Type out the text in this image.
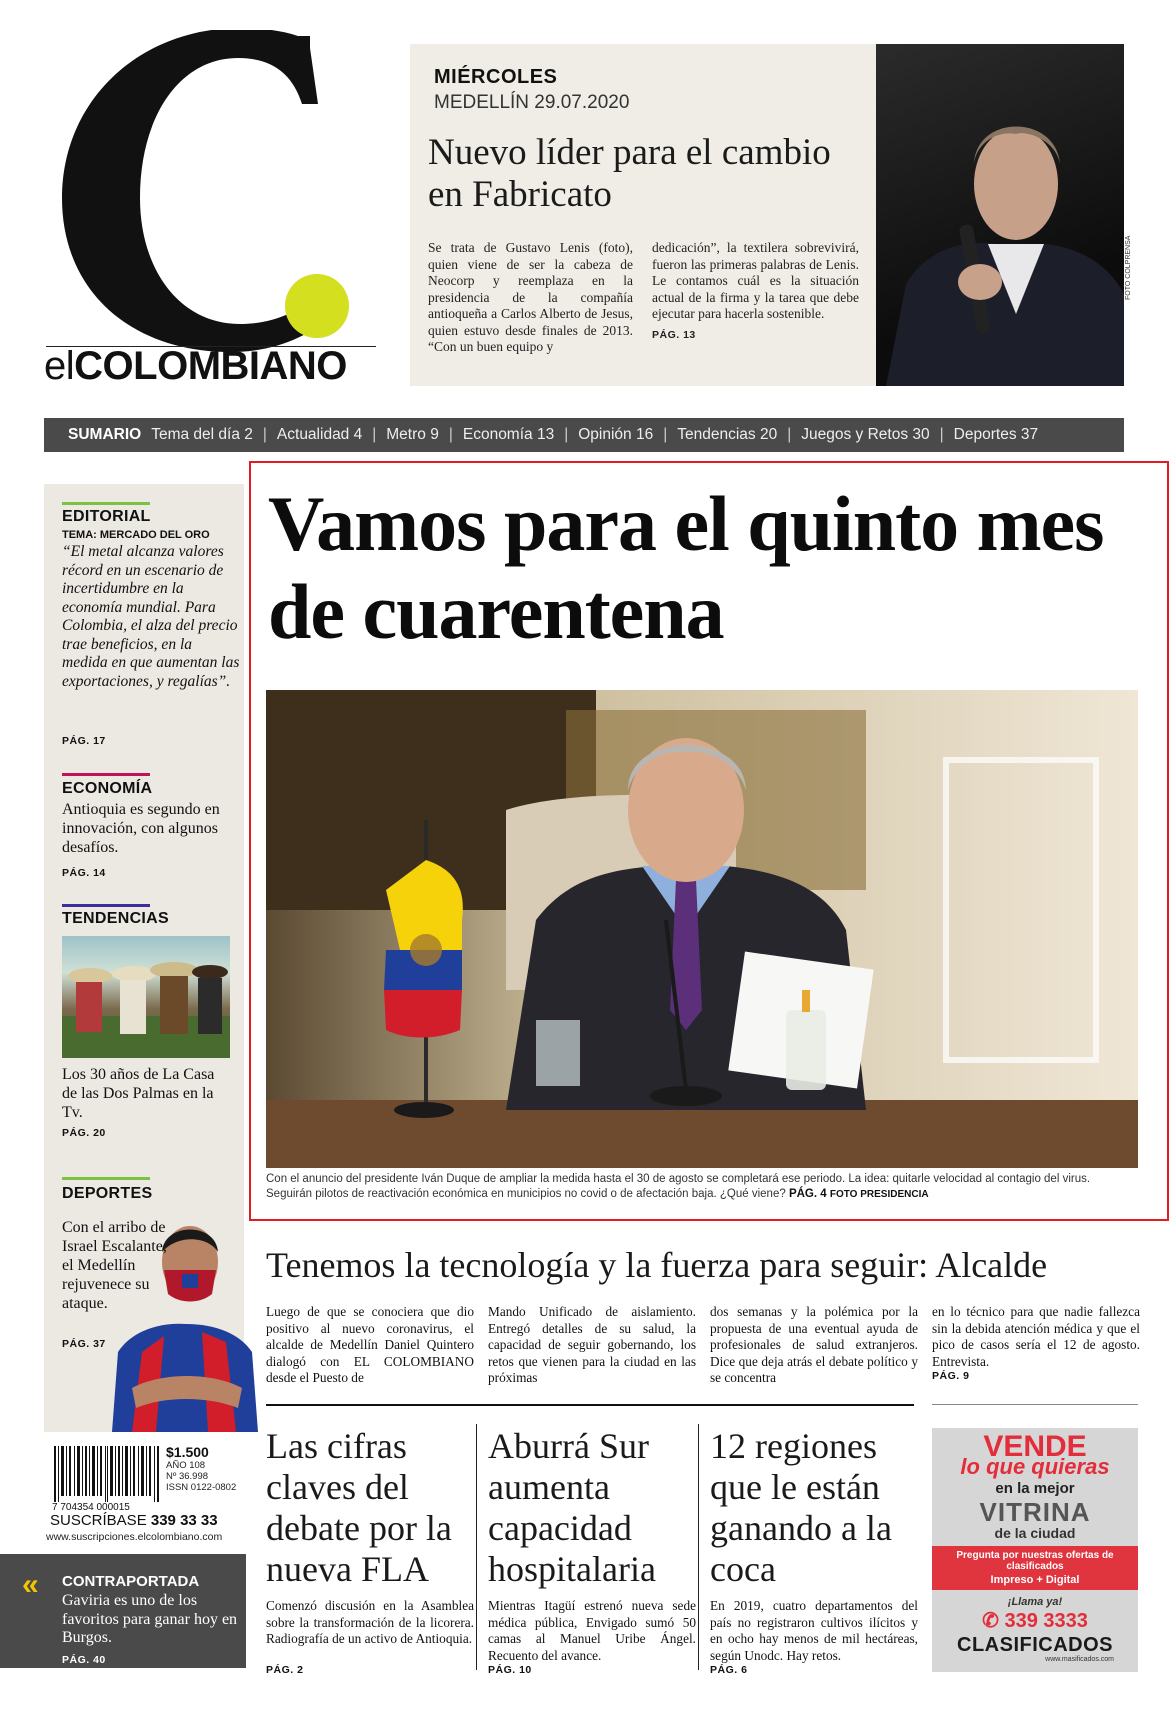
elCOLOMBIANO
MIÉRCOLES
MEDELLÍN 29.07.2020
Nuevo líder para el cambio en Fabricato
Se trata de Gustavo Lenis (foto), quien viene de ser la cabeza de Neocorp y reemplaza en la presidencia de la compañía antioqueña a Carlos Alberto de Jesus, quien estuvo desde finales de 2013. “Con un buen equipo y
dedicación”, la textilera sobrevivirá, fueron las primeras palabras de Lenis. Le contamos cuál es la situación actual de la firma y la tarea que debe ejecutar para hacerla sostenible.
PÁG. 13
FOTO COLPRENSA
SUMARIO Tema del día 2 | Actualidad 4 | Metro 9 | Economía 13 | Opinión 16 | Tendencias 20 | Juegos y Retos 30 | Deportes 37
EDITORIAL
TEMA: MERCADO DEL ORO
“El metal alcanza valores récord en un escenario de incertidumbre en la economía mundial. Para Colombia, el alza del precio trae beneficios, en la medida en que aumentan las exportaciones, y regalías”.
PÁG. 17
ECONOMÍA
Antioquia es segundo en innovación, con algunos desafíos.
PÁG. 14
TENDENCIAS
Los 30 años de La Casa de las Dos Palmas en la Tv.
PÁG. 20
DEPORTES
Con el arribo de Israel Escalante, el Medellín rejuvenece su ataque.
PÁG. 37
7 704354 000015
$1.500
AÑO 108
Nº 36.998
ISSN 0122-0802
SUSCRÍBASE 339 33 33
www.suscripciones.elcolombiano.com
« CONTRAPORTADA
Gaviria es uno de los favoritos para ganar hoy en Burgos.
PÁG. 40
Vamos para el quinto mes de cuarentena
Con el anuncio del presidente Iván Duque de ampliar la medida hasta el 30 de agosto se completará ese periodo. La idea: quitarle velocidad al contagio del virus. Seguirán pilotos de reactivación económica en municipios no covid o de afectación baja. ¿Qué viene? PÁG. 4 FOTO PRESIDENCIA
Tenemos la tecnología y la fuerza para seguir: Alcalde
Luego de que se conociera que dio positivo al nuevo coronavirus, el alcalde de Medellín Daniel Quintero dialogó con EL COLOMBIANO desde el Puesto de
Mando Unificado de aislamiento. Entregó detalles de su salud, la capacidad de seguir gobernando, los retos que vienen para la ciudad en las próximas
dos semanas y la polémica por la propuesta de una eventual ayuda de profesionales de salud extranjeros. Dice que deja atrás el debate político y se concentra
en lo técnico para que nadie fallezca sin la debida atención médica y que el pico de casos sería el 12 de agosto. Entrevista.
PÁG. 9
Las cifras claves del debate por la nueva FLA
Comenzó discusión en la Asamblea sobre la transformación de la licorera. Radiografía de un activo de Antioquia.
PÁG. 2
Aburrá Sur aumenta capacidad hospitalaria
Mientras Itagüí estrenó nueva sede médica pública, Envigado sumó 50 camas al Manuel Uribe Ángel. Recuento del avance.
PÁG. 10
12 regiones que le están ganando a la coca
En 2019, cuatro departamentos del país no registraron cultivos ilícitos y en ocho hay menos de mil hectáreas, según Unodc. Hay retos.
PÁG. 6
VENDE
lo que quieras
en la mejor
VITRINA
de la ciudad
Pregunta por nuestras ofertas de clasificados
Impreso + Digital
¡Llama ya!
✆ 339 3333
CLASIFICADOS
www.masificados.com
